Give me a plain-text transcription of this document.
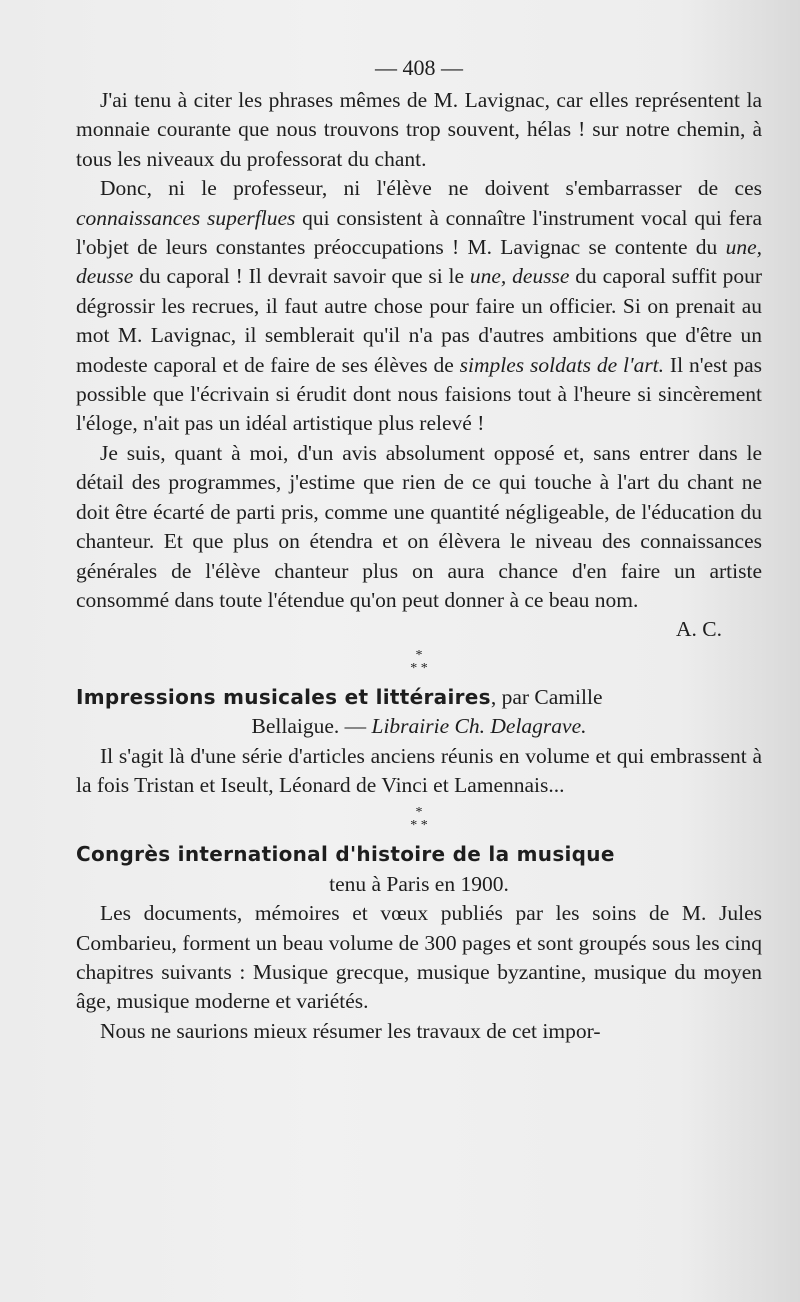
— 408 —

J'ai tenu à citer les phrases mêmes de M. Lavignac, car elles représentent la monnaie courante que nous trouvons trop souvent, hélas ! sur notre chemin, à tous les niveaux du professorat du chant.

Donc, ni le professeur, ni l'élève ne doivent s'embarrasser de ces connaissances superflues qui consistent à connaître l'instrument vocal qui fera l'objet de leurs constantes préoccupations ! M. Lavignac se contente du une, deusse du caporal ! Il devrait savoir que si le une, deusse du caporal suffit pour dégrossir les recrues, il faut autre chose pour faire un officier. Si on prenait au mot M. Lavignac, il semblerait qu'il n'a pas d'autres ambitions que d'être un modeste caporal et de faire de ses élèves de simples soldats de l'art. Il n'est pas possible que l'écrivain si érudit dont nous faisions tout à l'heure si sincèrement l'éloge, n'ait pas un idéal artistique plus relevé !

Je suis, quant à moi, d'un avis absolument opposé et, sans entrer dans le détail des programmes, j'estime que rien de ce qui touche à l'art du chant ne doit être écarté de parti pris, comme une quantité négligeable, de l'éducation du chanteur. Et que plus on étendra et on élèvera le niveau des connaissances générales de l'élève chanteur plus on aura chance d'en faire un artiste consommé dans toute l'étendue qu'on peut donner à ce beau nom.

A. C.
*
* *
Impressions musicales et littéraires, par Camille
Bellaigue. — Librairie Ch. Delagrave.

Il s'agit là d'une série d'articles anciens réunis en volume et qui embrassent à la fois Tristan et Iseult, Léonard de Vinci et Lamennais...

*
* *
Congrès international d'histoire de la musique
tenu à Paris en 1900.

Les documents, mémoires et vœux publiés par les soins de M. Jules Combarieu, forment un beau volume de 300 pages et sont groupés sous les cinq chapitres suivants : Musique grecque, musique byzantine, musique du moyen âge, musique moderne et variétés.

Nous ne saurions mieux résumer les travaux de cet impor-
